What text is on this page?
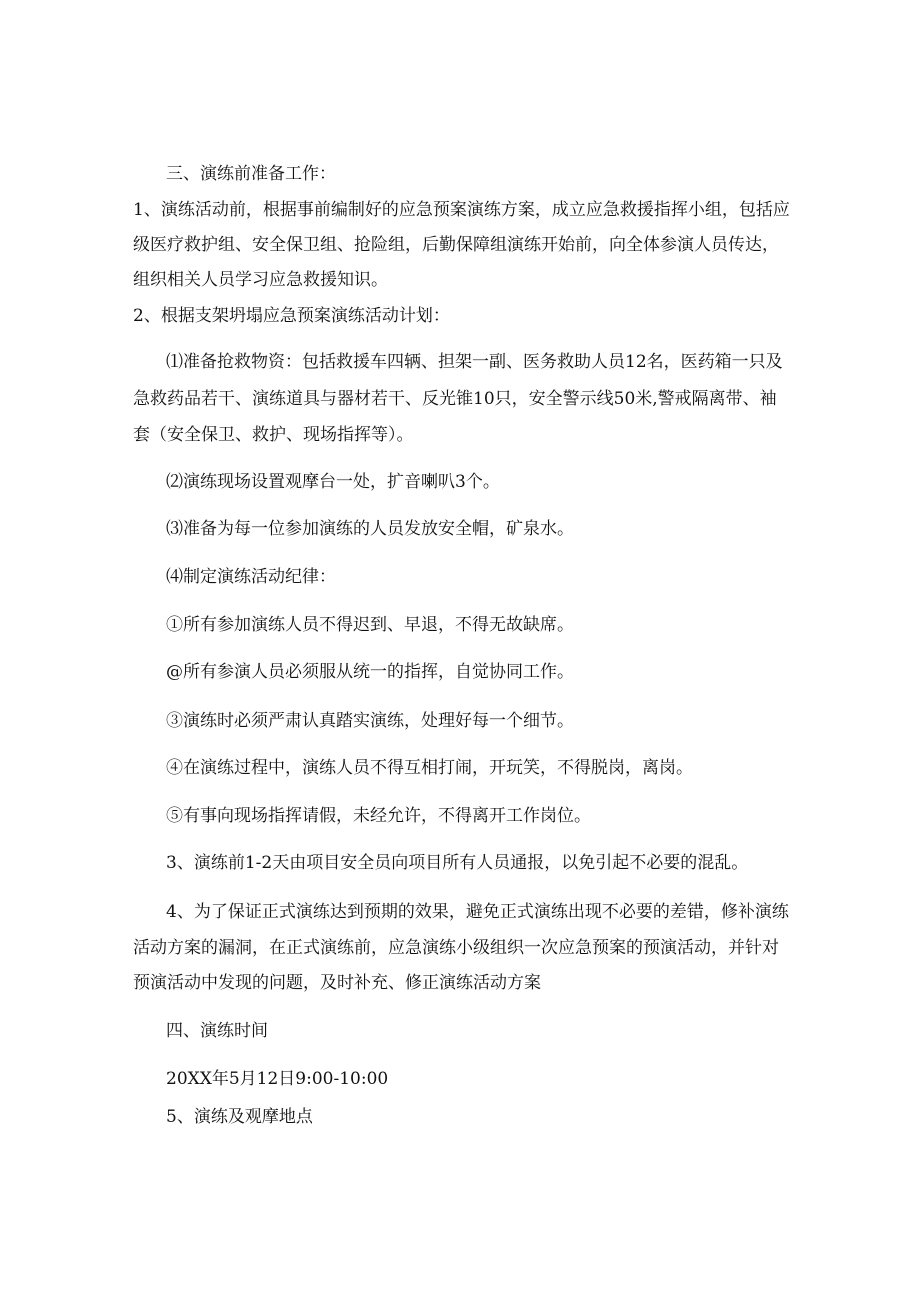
三、演练前准备工作：
1、演练活动前，根据事前编制好的应急预案演练方案，成立应急救援指挥小组，包括应
级医疗救护组、安全保卫组、抢险组，后勤保障组演练开始前，向全体参演人员传达，
组织相关人员学习应急救援知识。
2、根据支架坍塌应急预案演练活动计划：
⑴准备抢救物资：包括救援车四辆、担架一副、医务救助人员12名，医药箱一只及
急救药品若干、演练道具与器材若干、反光锥10只，安全警示线50米,警戒隔离带、袖
套（安全保卫、救护、现场指挥等）。
⑵演练现场设置观摩台一处，扩音喇叭3个。
⑶准备为每一位参加演练的人员发放安全帽，矿泉水。
⑷制定演练活动纪律：
①所有参加演练人员不得迟到、早退，不得无故缺席。
@所有参演人员必须服从统一的指挥，自觉协同工作。
③演练时必须严肃认真踏实演练，处理好每一个细节。
④在演练过程中，演练人员不得互相打闹，开玩笑，不得脱岗，离岗。
⑤有事向现场指挥请假，未经允许，不得离开工作岗位。
3、演练前1-2天由项目安全员向项目所有人员通报，以免引起不必要的混乱。
4、为了保证正式演练达到预期的效果，避免正式演练出现不必要的差错，修补演练
活动方案的漏洞，在正式演练前，应急演练小级组织一次应急预案的预演活动，并针对
预演活动中发现的问题，及时补充、修正演练活动方案
四、演练时间
20XX年5月12日9:00-10:00
5、演练及观摩地点
